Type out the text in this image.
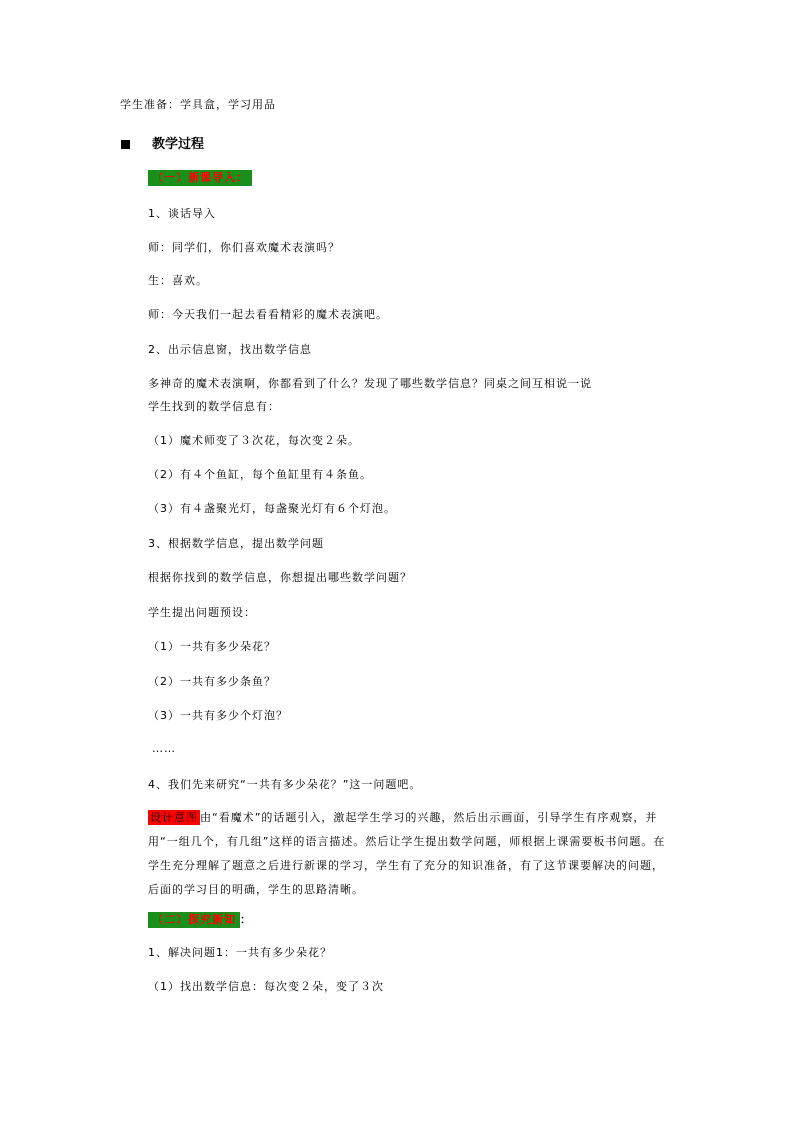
学生准备：学具盒，学习用品
教学过程
（一）新课导入：
1、谈话导入
师：同学们，你们喜欢魔术表演吗？
生：喜欢。
师：今天我们一起去看看精彩的魔术表演吧。
2、出示信息窗，找出数学信息
多神奇的魔术表演啊，你都看到了什么？发现了哪些数学信息？同桌之间互相说一说
学生找到的数学信息有：
（1）魔术师变了３次花，每次变２朵。
（2）有４个鱼缸，每个鱼缸里有４条鱼。
（3）有４盏聚光灯，每盏聚光灯有６个灯泡。
3、根据数学信息，提出数学问题
根据你找到的数学信息，你想提出哪些数学问题？
学生提出问题预设：
（1）一共有多少朵花？
（2）一共有多少条鱼？
（3）一共有多少个灯泡？
……
4、我们先来研究“一共有多少朵花？”这一问题吧。
设计意图 由“看魔术”的话题引入，激起学生学习的兴趣，然后出示画面，引导学生有序观察，并用“一组几个，有几组”这样的语言描述。然后让学生提出数学问题，师根据上课需要板书问题。在学生充分理解了题意之后进行新课的学习，学生有了充分的知识准备，有了这节课要解决的问题，后面的学习目的明确，学生的思路清晰。
（二）探究新知 ：
1、解决问题1：一共有多少朵花？
（1）找出数学信息：每次变２朵，变了３次
